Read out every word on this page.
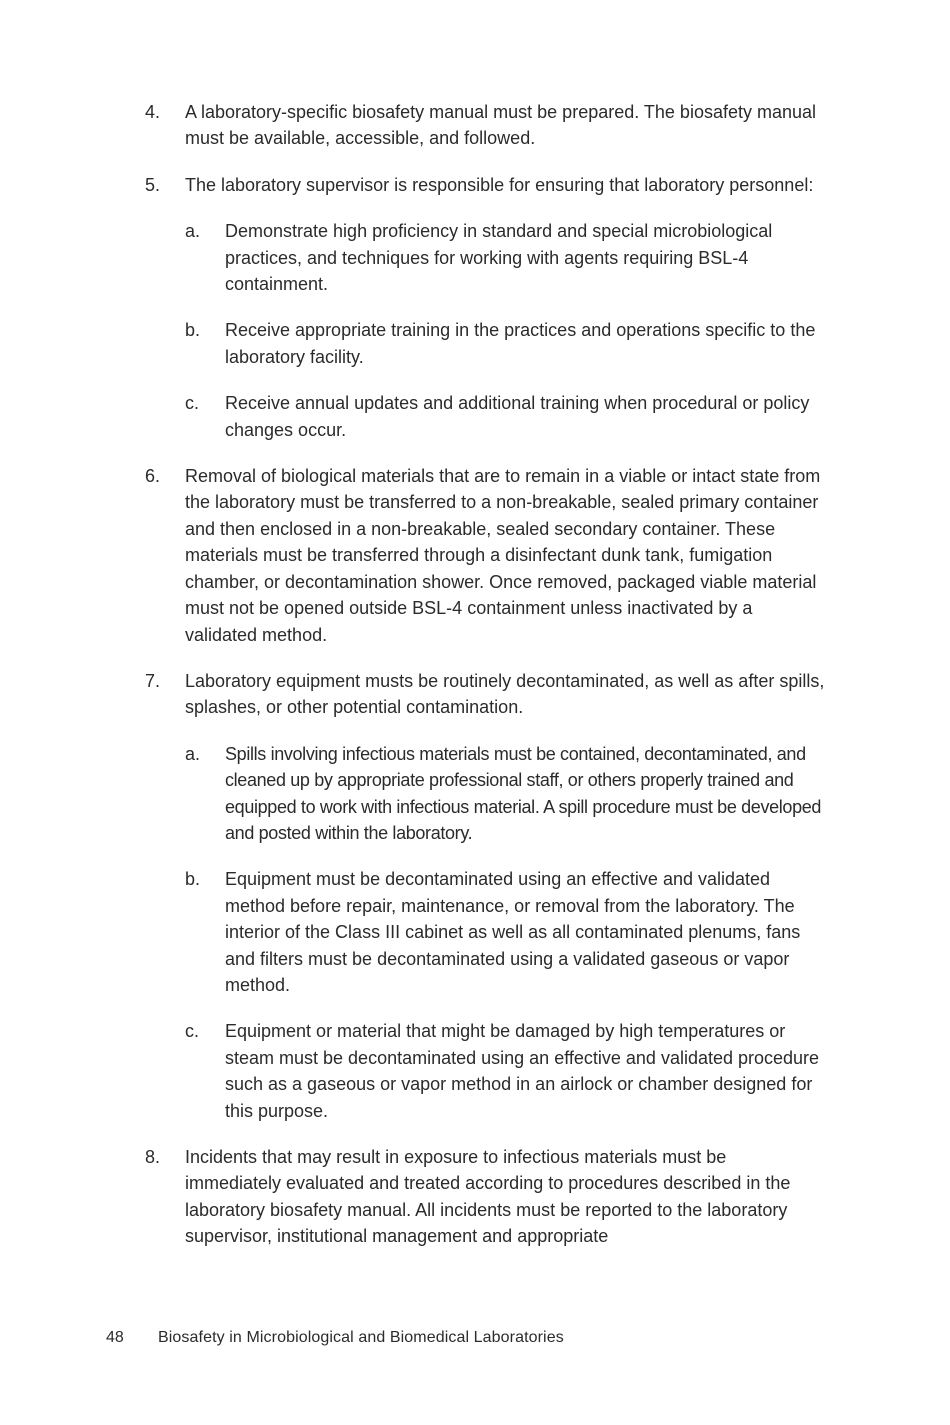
4. A laboratory-specific biosafety manual must be prepared. The biosafety manual must be available, accessible, and followed.
5. The laboratory supervisor is responsible for ensuring that laboratory personnel:
a. Demonstrate high proficiency in standard and special microbiological practices, and techniques for working with agents requiring BSL-4 containment.
b. Receive appropriate training in the practices and operations specific to the laboratory facility.
c. Receive annual updates and additional training when procedural or policy changes occur.
6. Removal of biological materials that are to remain in a viable or intact state from the laboratory must be transferred to a non-breakable, sealed primary container and then enclosed in a non-breakable, sealed secondary container. These materials must be transferred through a disinfectant dunk tank, fumigation chamber, or decontamination shower. Once removed, packaged viable material must not be opened outside BSL-4 containment unless inactivated by a validated method.
7. Laboratory equipment musts be routinely decontaminated, as well as after spills, splashes, or other potential contamination.
a. Spills involving infectious materials must be contained, decontaminated, and cleaned up by appropriate professional staff, or others properly trained and equipped to work with infectious material. A spill procedure must be developed and posted within the laboratory.
b. Equipment must be decontaminated using an effective and validated method before repair, maintenance, or removal from the laboratory. The interior of the Class III cabinet as well as all contaminated plenums, fans and filters must be decontaminated using a validated gaseous or vapor method.
c. Equipment or material that might be damaged by high temperatures or steam must be decontaminated using an effective and validated procedure such as a gaseous or vapor method in an airlock or chamber designed for this purpose.
8. Incidents that may result in exposure to infectious materials must be immediately evaluated and treated according to procedures described in the laboratory biosafety manual. All incidents must be reported to the laboratory supervisor, institutional management and appropriate
48 Biosafety in Microbiological and Biomedical Laboratories
